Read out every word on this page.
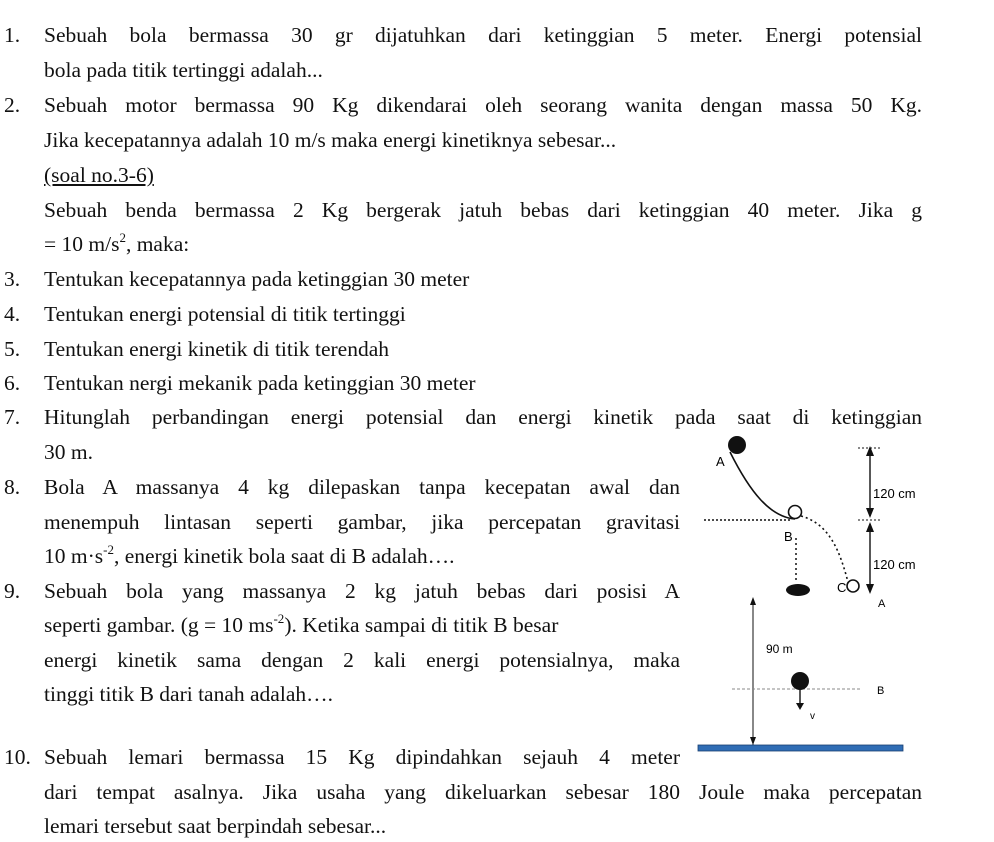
1. Sebuah bola bermassa 30 gr dijatuhkan dari ketinggian 5 meter. Energi potensial
bola pada titik tertinggi adalah...
2. Sebuah motor bermassa 90 Kg dikendarai oleh seorang wanita dengan massa 50 Kg.
Jika kecepatannya adalah 10 m/s maka energi kinetiknya sebesar...
(soal no.3-6)
Sebuah benda bermassa 2 Kg bergerak jatuh bebas dari ketinggian 40 meter. Jika g
= 10 $m/s^2$, maka:
3. Tentukan kecepatannya pada ketinggian 30 meter
4. Tentukan energi potensial di titik tertinggi
5. Tentukan energi kinetik di titik terendah
6. Tentukan nergi mekanik pada ketinggian 30 meter
7. Hitunglah perbandingan energi potensial dan energi kinetik pada saat di ketinggian
30 m.
8. Bola A massanya 4 kg dilepaskan tanpa kecepatan awal dan
menempuh lintasan seperti gambar, jika percepatan gravitasi
10 $m\cdot s^{-2}$, energi kinetik bola saat di B adalah….
9. Sebuah bola yang massanya 2 kg jatuh bebas dari posisi A
seperti gambar. (g = 10 $ms^{-2}$). Ketika sampai di titik B besar
energi kinetik sama dengan 2 kali energi potensialnya, maka
tinggi titik B dari tanah adalah….
10. Sebuah lemari bermassa 15 Kg dipindahkan sejauh 4 meter
dari tempat asalnya. Jika usaha yang dikeluarkan sebesar 180 Joule maka percepatan
lemari tersebut saat berpindah sebesar...
A
B
C
120 cm
120 cm
A
90 m
v
B
